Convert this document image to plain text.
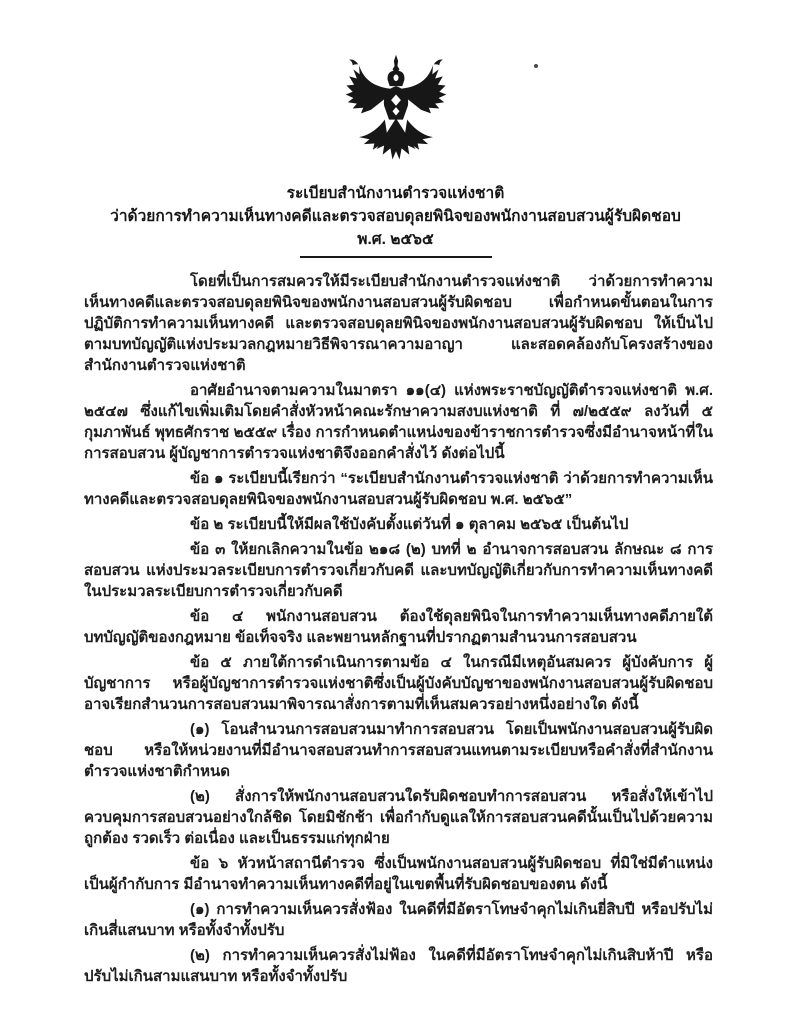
ระเบียบสำนักงานตำรวจแห่งชาติ
ว่าด้วยการทำความเห็นทางคดีและตรวจสอบดุลยพินิจของพนักงานสอบสวนผู้รับผิดชอบ
พ.ศ. ๒๕๖๕

โดยที่เป็นการสมควรให้มีระเบียบสำนักงานตำรวจแห่งชาติ ว่าด้วยการทำความเห็นทางคดีและตรวจสอบดุลยพินิจของพนักงานสอบสวนผู้รับผิดชอบ เพื่อกำหนดขั้นตอนในการปฏิบัติการทำความเห็นทางคดี และตรวจสอบดุลยพินิจของพนักงานสอบสวนผู้รับผิดชอบ ให้เป็นไปตามบทบัญญัติแห่งประมวลกฎหมายวิธีพิจารณาความอาญา และสอดคล้องกับโครงสร้างของสำนักงานตำรวจแห่งชาติ

อาศัยอำนาจตามความในมาตรา ๑๑(๔) แห่งพระราชบัญญัติตำรวจแห่งชาติ พ.ศ. ๒๕๔๗ ซึ่งแก้ไขเพิ่มเติมโดยคำสั่งหัวหน้าคณะรักษาความสงบแห่งชาติ ที่ ๗/๒๕๕๙ ลงวันที่ ๕ กุมภาพันธ์ พุทธศักราช ๒๕๕๙ เรื่อง การกำหนดตำแหน่งของข้าราชการตำรวจซึ่งมีอำนาจหน้าที่ในการสอบสวน ผู้บัญชาการตำรวจแห่งชาติจึงออกคำสั่งไว้ ดังต่อไปนี้

ข้อ ๑ ระเบียบนี้เรียกว่า “ระเบียบสำนักงานตำรวจแห่งชาติ ว่าด้วยการทำความเห็นทางคดีและตรวจสอบดุลยพินิจของพนักงานสอบสวนผู้รับผิดชอบ พ.ศ. ๒๕๖๕”

ข้อ ๒ ระเบียบนี้ให้มีผลใช้บังคับตั้งแต่วันที่ ๑ ตุลาคม ๒๕๖๕ เป็นต้นไป

ข้อ ๓ ให้ยกเลิกความในข้อ ๒๑๘ (๒) บทที่ ๒ อำนาจการสอบสวน ลักษณะ ๘ การสอบสวน แห่งประมวลระเบียบการตำรวจเกี่ยวกับคดี และบทบัญญัติเกี่ยวกับการทำความเห็นทางคดีในประมวลระเบียบการตำรวจเกี่ยวกับคดี

ข้อ ๔ พนักงานสอบสวน ต้องใช้ดุลยพินิจในการทำความเห็นทางคดีภายใต้บทบัญญัติของกฎหมาย ข้อเท็จจริง และพยานหลักฐานที่ปรากฏตามสำนวนการสอบสวน

ข้อ ๕ ภายใต้การดำเนินการตามข้อ ๔ ในกรณีมีเหตุอันสมควร ผู้บังคับการ ผู้บัญชาการ หรือผู้บัญชาการตำรวจแห่งชาติซึ่งเป็นผู้บังคับบัญชาของพนักงานสอบสวนผู้รับผิดชอบ อาจเรียกสำนวนการสอบสวนมาพิจารณาสั่งการตามที่เห็นสมควรอย่างหนึ่งอย่างใด ดังนี้

(๑) โอนสำนวนการสอบสวนมาทำการสอบสวน โดยเป็นพนักงานสอบสวนผู้รับผิดชอบ หรือให้หน่วยงานที่มีอำนาจสอบสวนทำการสอบสวนแทนตามระเบียบหรือคำสั่งที่สำนักงานตำรวจแห่งชาติกำหนด

(๒) สั่งการให้พนักงานสอบสวนใดรับผิดชอบทำการสอบสวน หรือสั่งให้เข้าไปควบคุมการสอบสวนอย่างใกล้ชิด โดยมิชักช้า เพื่อกำกับดูแลให้การสอบสวนคดีนั้นเป็นไปด้วยความถูกต้อง รวดเร็ว ต่อเนื่อง และเป็นธรรมแก่ทุกฝ่าย

ข้อ ๖ หัวหน้าสถานีตำรวจ ซึ่งเป็นพนักงานสอบสวนผู้รับผิดชอบ ที่มิใช่มีตำแหน่งเป็นผู้กำกับการ มีอำนาจทำความเห็นทางคดีที่อยู่ในเขตพื้นที่รับผิดชอบของตน ดังนี้

(๑) การทำความเห็นควรสั่งฟ้อง ในคดีที่มีอัตราโทษจำคุกไม่เกินยี่สิบปี หรือปรับไม่เกินสี่แสนบาท หรือทั้งจำทั้งปรับ

(๒) การทำความเห็นควรสั่งไม่ฟ้อง ในคดีที่มีอัตราโทษจำคุกไม่เกินสิบห้าปี หรือปรับไม่เกินสามแสนบาท หรือทั้งจำทั้งปรับ
